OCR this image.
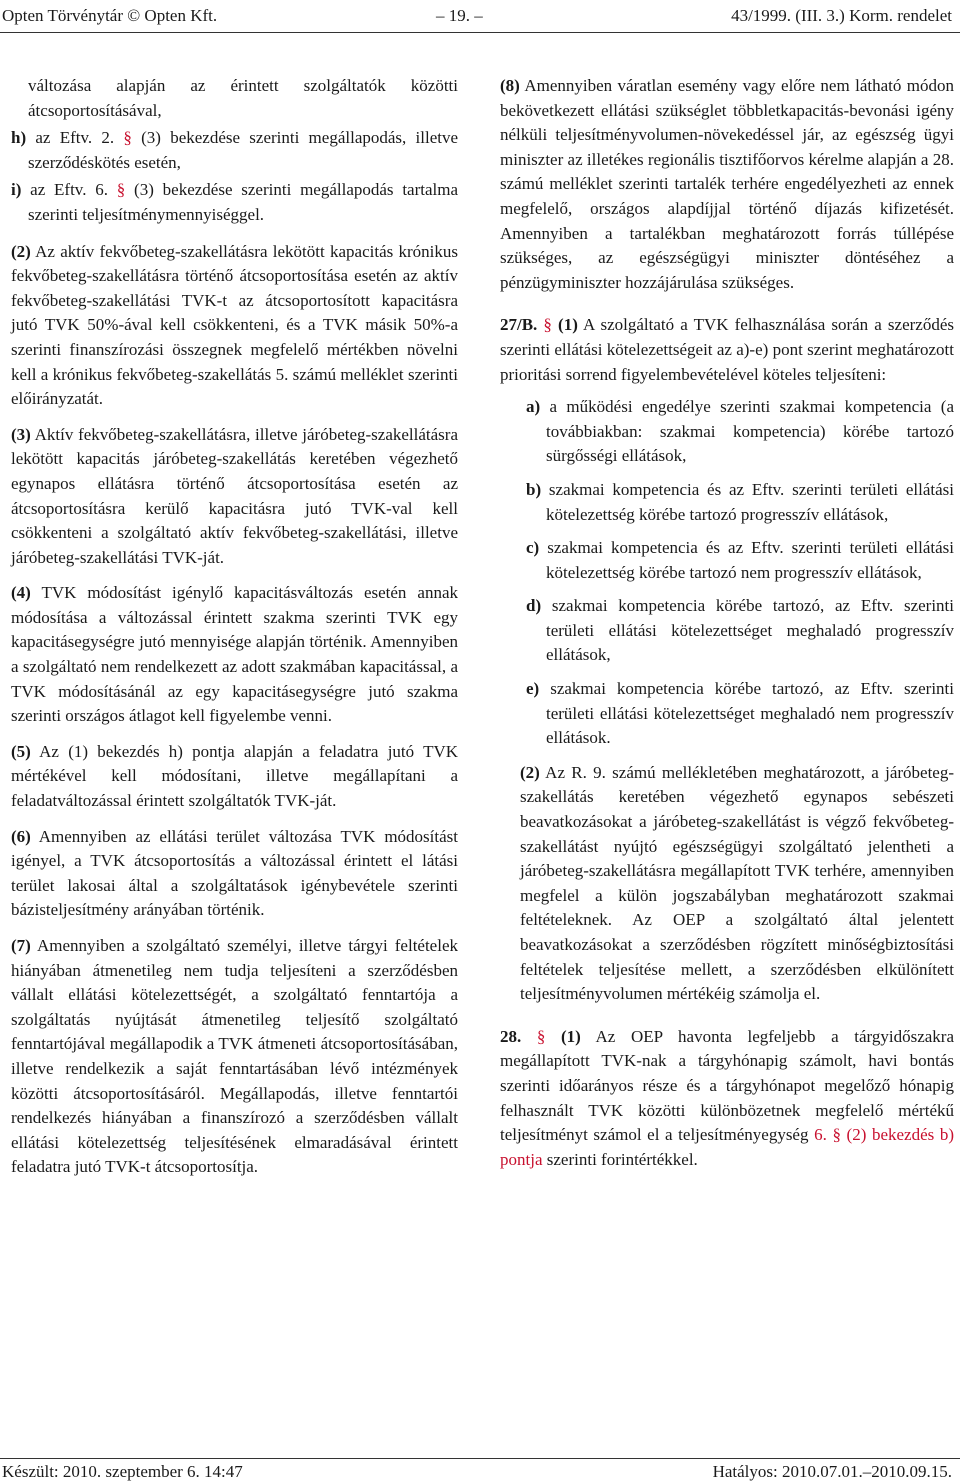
Opten Törvénytár © Opten Kft.	– 19. –	43/1999. (III. 3.) Korm. rendelet
változása alapján az érintett szolgáltatók közötti átcsoportosításával,
h) az Eftv. 2. § (3) bekezdése szerinti megállapodás, illetve szerződéskötés esetén,
i) az Eftv. 6. § (3) bekezdése szerinti megállapodás tartalma szerinti teljesítménymennyiséggel.

(2) Az aktív fekvőbeteg-szakellátásra lekötött kapacitás krónikus fekvőbeteg-szakellátásra történő átcsoportosítása esetén az aktív fekvőbeteg-szakellátási TVK-t az átcsoportosított kapacitásra jutó TVK 50%-ával kell csökkenteni, és a TVK másik 50%-a szerinti finanszírozási összegnek megfelelő mértékben növelni kell a krónikus fekvőbeteg-szakellátás 5. számú melléklet szerinti előirányzatát.

(3) Aktív fekvőbeteg-szakellátásra, illetve járóbeteg-szakellátásra lekötött kapacitás járóbeteg-szakellátás keretében végezhető egynapos ellátásra történő átcsoportosítása esetén az átcsoportosításra kerülő kapacitásra jutó TVK-val kell csökkenteni a szolgáltató aktív fekvőbeteg-szakellátási, illetve járóbeteg-szakellátási TVK-ját.

(4) TVK módosítást igénylő kapacitásváltozás esetén annak módosítása a változással érintett szakma szerinti TVK egy kapacitásegységre jutó mennyisége alapján történik. Amennyiben a szolgáltató nem rendelkezett az adott szakmában kapacitással, a TVK módosításánál az egy kapacitásegységre jutó szakma szerinti országos átlagot kell figyelembe venni.

(5) Az (1) bekezdés h) pontja alapján a feladatra jutó TVK mértékével kell módosítani, illetve megállapítani a feladatváltozással érintett szolgáltatók TVK-ját.

(6) Amennyiben az ellátási terület változása TVK módosítást igényel, a TVK átcsoportosítás a változással érintett el látási terület lakosai által a szolgáltatások igénybevétele szerinti bázisteljesítmény arányában történik.

(7) Amennyiben a szolgáltató személyi, illetve tárgyi feltételek hiányában átmenetileg nem tudja teljesíteni a szerződésben vállalt ellátási kötelezettségét, a szolgáltató fenntartója a szolgáltatás nyújtását átmenetileg teljesítő szolgáltató fenntartójával megállapodik a TVK átmeneti átcsoportosításában, illetve rendelkezik a saját fenntartásában lévő intézmények közötti átcsoportosításáról. Megállapodás, illetve fenntartói rendelkezés hiányában a finanszírozó a szerződésben vállalt ellátási kötelezettség teljesítésének elmaradásával érintett feladatra jutó TVK-t átcsoportosítja.

(8) Amennyiben váratlan esemény vagy előre nem látható módon bekövetkezett ellátási szükséglet többletkapacitás-bevonási igény nélküli teljesítményvolumen-növekedéssel jár, az egészség ügyi miniszter az illetékes regionális tisztifőorvos kérelme alapján a 28. számú melléklet szerinti tartalék terhére engedélyezheti az ennek megfelelő, országos alapdíjjal történő díjazás kifizetését. Amennyiben a tartalékban meghatározott forrás túllépése szükséges, az egészségügyi miniszter döntéséhez a pénzügyminiszter hozzájárulása szükséges.

27/B. § (1) A szolgáltató a TVK felhasználása során a szerződés szerinti ellátási kötelezettségeit az a)-e) pont szerint meghatározott prioritási sorrend figyelembevételével köteles teljesíteni:

a) a működési engedélye szerinti szakmai kompetencia (a továbbiakban: szakmai kompetencia) körébe tartozó sürgősségi ellátások,
b) szakmai kompetencia és az Eftv. szerinti területi ellátási kötelezettség körébe tartozó progresszív ellátások,
c) szakmai kompetencia és az Eftv. szerinti területi ellátási kötelezettség körébe tartozó nem progresszív ellátások,
d) szakmai kompetencia körébe tartozó, az Eftv. szerinti területi ellátási kötelezettséget meghaladó progresszív ellátások,
e) szakmai kompetencia körébe tartozó, az Eftv. szerinti területi ellátási kötelezettséget meghaladó nem progresszív ellátások.

(2) Az R. 9. számú mellékletében meghatározott, a járóbeteg-szakellátás keretében végezhető egynapos sebészeti beavatkozásokat a járóbeteg-szakellátást is végző fekvőbeteg-szakellátást nyújtó egészségügyi szolgáltató jelentheti a járóbeteg-szakellátásra megállapított TVK terhére, amennyiben megfelel a külön jogszabályban meghatározott szakmai feltételeknek. Az OEP a szolgáltató által jelentett beavatkozásokat a szerződésben rögzített minőségbiztosítási feltételek teljesítése mellett, a szerződésben elkülönített teljesítményvolumen mértékéig számolja el.

28. § (1) Az OEP havonta legfeljebb a tárgyidőszakra megállapított TVK-nak a tárgyhónapig számolt, havi bontás szerinti időarányos része és a tárgyhónapot megelőző hónapig felhasznált TVK közötti különbözetnek megfelelő mértékű teljesítményt számol el a teljesítményegység 6. § (2) bekezdés b) pontja szerinti forintértékkel.

Készült: 2010. szeptember 6. 14:47	Hatályos: 2010.07.01.–2010.09.15.
